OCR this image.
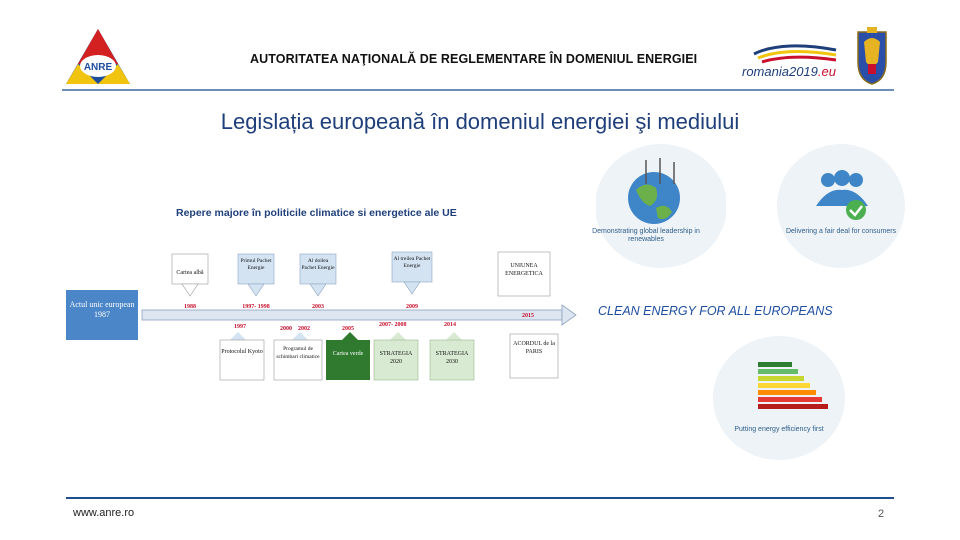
ANRE
AUTORITATEA NAŢIONALĂ DE REGLEMENTARE ÎN DOMENIUL ENERGIEI
romania2019.eu
Legislația europeană în domeniul energiei şi mediului
Repere majore în politicile climatice si energetice ale UE
Actul unic european 1987
Cartea albă
1988
Primul Pachet Energie
1997- 1998
Al doilea Pachet Energie
2003
Al treilea Pachet Energie
2009
UNIUNEA ENERGETICA
2015
1997	2000 2002	2005
2007- 2008	2014
Protocolul Kyoto	Programul de schimbari climatice	Cartea verde	STRATEGIA 2020
STRATEGIA 2030
ACORDUL de la PARIS
Demonstrating global leadership in renewables
Delivering a fair deal for consumers
CLEAN ENERGY FOR ALL EUROPEANS
Putting energy efficiency first
www.anre.ro	2
